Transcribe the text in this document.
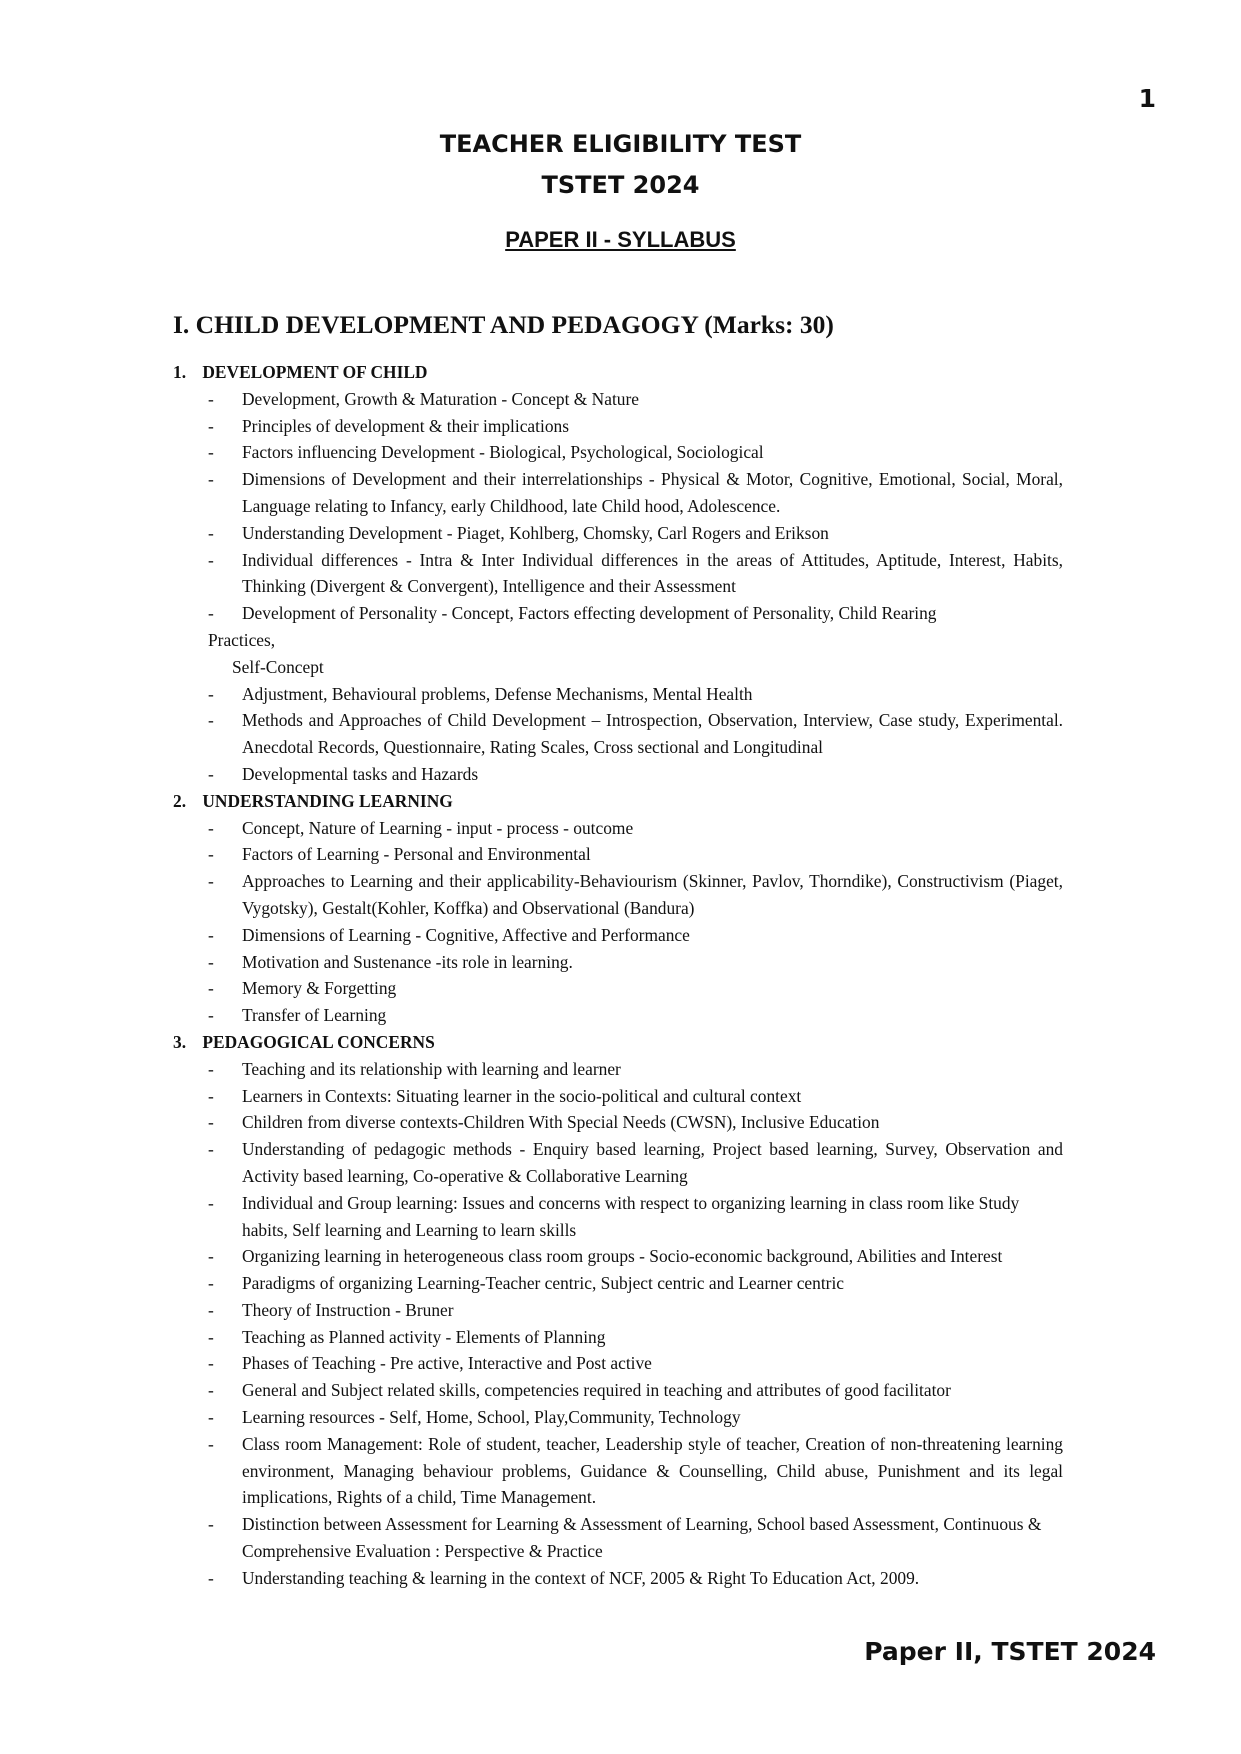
1
TEACHER ELIGIBILITY TEST
TSTET 2024
PAPER II - SYLLABUS
I. CHILD DEVELOPMENT AND PEDAGOGY (Marks: 30)
1. DEVELOPMENT OF CHILD
- Development, Growth & Maturation - Concept & Nature
- Principles of development & their implications
- Factors influencing Development - Biological, Psychological, Sociological
- Dimensions of Development and their interrelationships - Physical & Motor, Cognitive, Emotional, Social, Moral, Language relating to Infancy, early Childhood, late Child hood, Adolescence.
- Understanding Development - Piaget, Kohlberg, Chomsky, Carl Rogers and Erikson
- Individual differences - Intra & Inter Individual differences in the areas of Attitudes, Aptitude, Interest, Habits, Thinking (Divergent & Convergent), Intelligence and their Assessment
- Development of Personality - Concept, Factors effecting development of Personality, Child Rearing
Practices,
Self-Concept
- Adjustment, Behavioural problems, Defense Mechanisms, Mental Health
- Methods and Approaches of Child Development – Introspection, Observation, Interview, Case study, Experimental. Anecdotal Records, Questionnaire, Rating Scales, Cross sectional and Longitudinal
- Developmental tasks and Hazards
2. UNDERSTANDING LEARNING
- Concept, Nature of Learning - input - process - outcome
- Factors of Learning - Personal and Environmental
- Approaches to Learning and their applicability-Behaviourism (Skinner, Pavlov, Thorndike), Constructivism (Piaget, Vygotsky), Gestalt(Kohler, Koffka) and Observational (Bandura)
- Dimensions of Learning - Cognitive, Affective and Performance
- Motivation and Sustenance -its role in learning.
- Memory & Forgetting
- Transfer of Learning
3. PEDAGOGICAL CONCERNS
- Teaching and its relationship with learning and learner
- Learners in Contexts: Situating learner in the socio-political and cultural context
- Children from diverse contexts-Children With Special Needs (CWSN), Inclusive Education
- Understanding of pedagogic methods - Enquiry based learning, Project based learning, Survey, Observation and Activity based learning, Co-operative & Collaborative Learning
- Individual and Group learning: Issues and concerns with respect to organizing learning in class room like Study habits, Self learning and Learning to learn skills
- Organizing learning in heterogeneous class room groups - Socio-economic background, Abilities and Interest
- Paradigms of organizing Learning-Teacher centric, Subject centric and Learner centric
- Theory of Instruction - Bruner
- Teaching as Planned activity - Elements of Planning
- Phases of Teaching - Pre active, Interactive and Post active
- General and Subject related skills, competencies required in teaching and attributes of good facilitator
- Learning resources - Self, Home, School, Play,Community, Technology
- Class room Management: Role of student, teacher, Leadership style of teacher, Creation of non-threatening learning environment, Managing behaviour problems, Guidance & Counselling, Child abuse, Punishment and its legal implications, Rights of a child, Time Management.
- Distinction between Assessment for Learning & Assessment of Learning, School based Assessment, Continuous & Comprehensive Evaluation : Perspective & Practice
- Understanding teaching & learning in the context of NCF, 2005 & Right To Education Act, 2009.
Paper II, TSTET 2024
